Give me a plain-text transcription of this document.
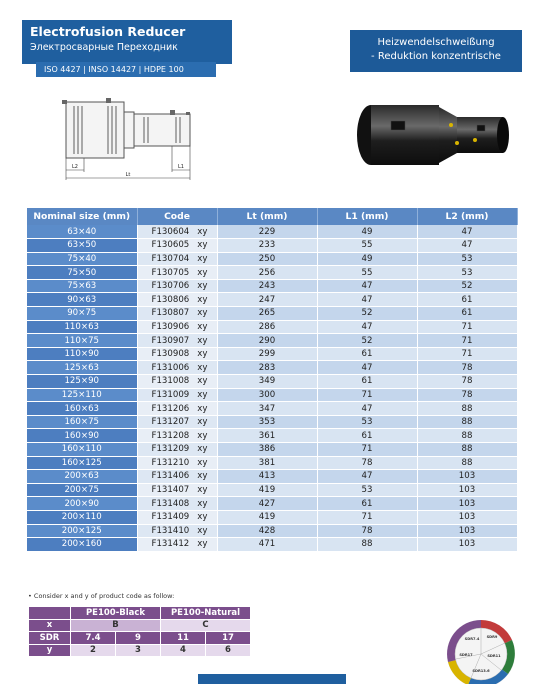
Electrofusion Reducer
Электросварные Переходник
ISO 4427 | INSO 14427 | HDPE 100
Heizwendelschweißung
- Reduktion konzentrische
L2	L1
Lt
Nominal size (mm)	Code	Lt (mm)	L1 (mm)	L2 (mm)
63×40	F130604 xy	229	49	47
63×50	F130605 xy	233	55	47
75×40	F130704 xy	250	49	53
75×50	F130705 xy	256	55	53
75×63	F130706 xy	243	47	52
90×63	F130806 xy	247	47	61
90×75	F130807 xy	265	52	61
110×63	F130906 xy	286	47	71
110×75	F130907 xy	290	52	71
110×90	F130908 xy	299	61	71
125×63	F131006 xy	283	47	78
125×90	F131008 xy	349	61	78
125×110	F131009 xy	300	71	78
160×63	F131206 xy	347	47	88
160×75	F131207 xy	353	53	88
160×90	F131208 xy	361	61	88
160×110	F131209 xy	386	71	88
160×125	F131210 xy	381	78	88
200×63	F131406 xy	413	47	103
200×75	F131407 xy	419	53	103
200×90	F131408 xy	427	61	103
200×110	F131409 xy	419	71	103
200×125	F131410 xy	428	78	103
200×160	F131412 xy	471	88	103
• Consider x and y of product code as follow:
	PE100-Black		PE100-Natural	
x	B		C	
SDR	7.4	9	11	17
y	2	3	4	6
SDR7.4 SDR9
SDR11
SDR17
SDR13.6
